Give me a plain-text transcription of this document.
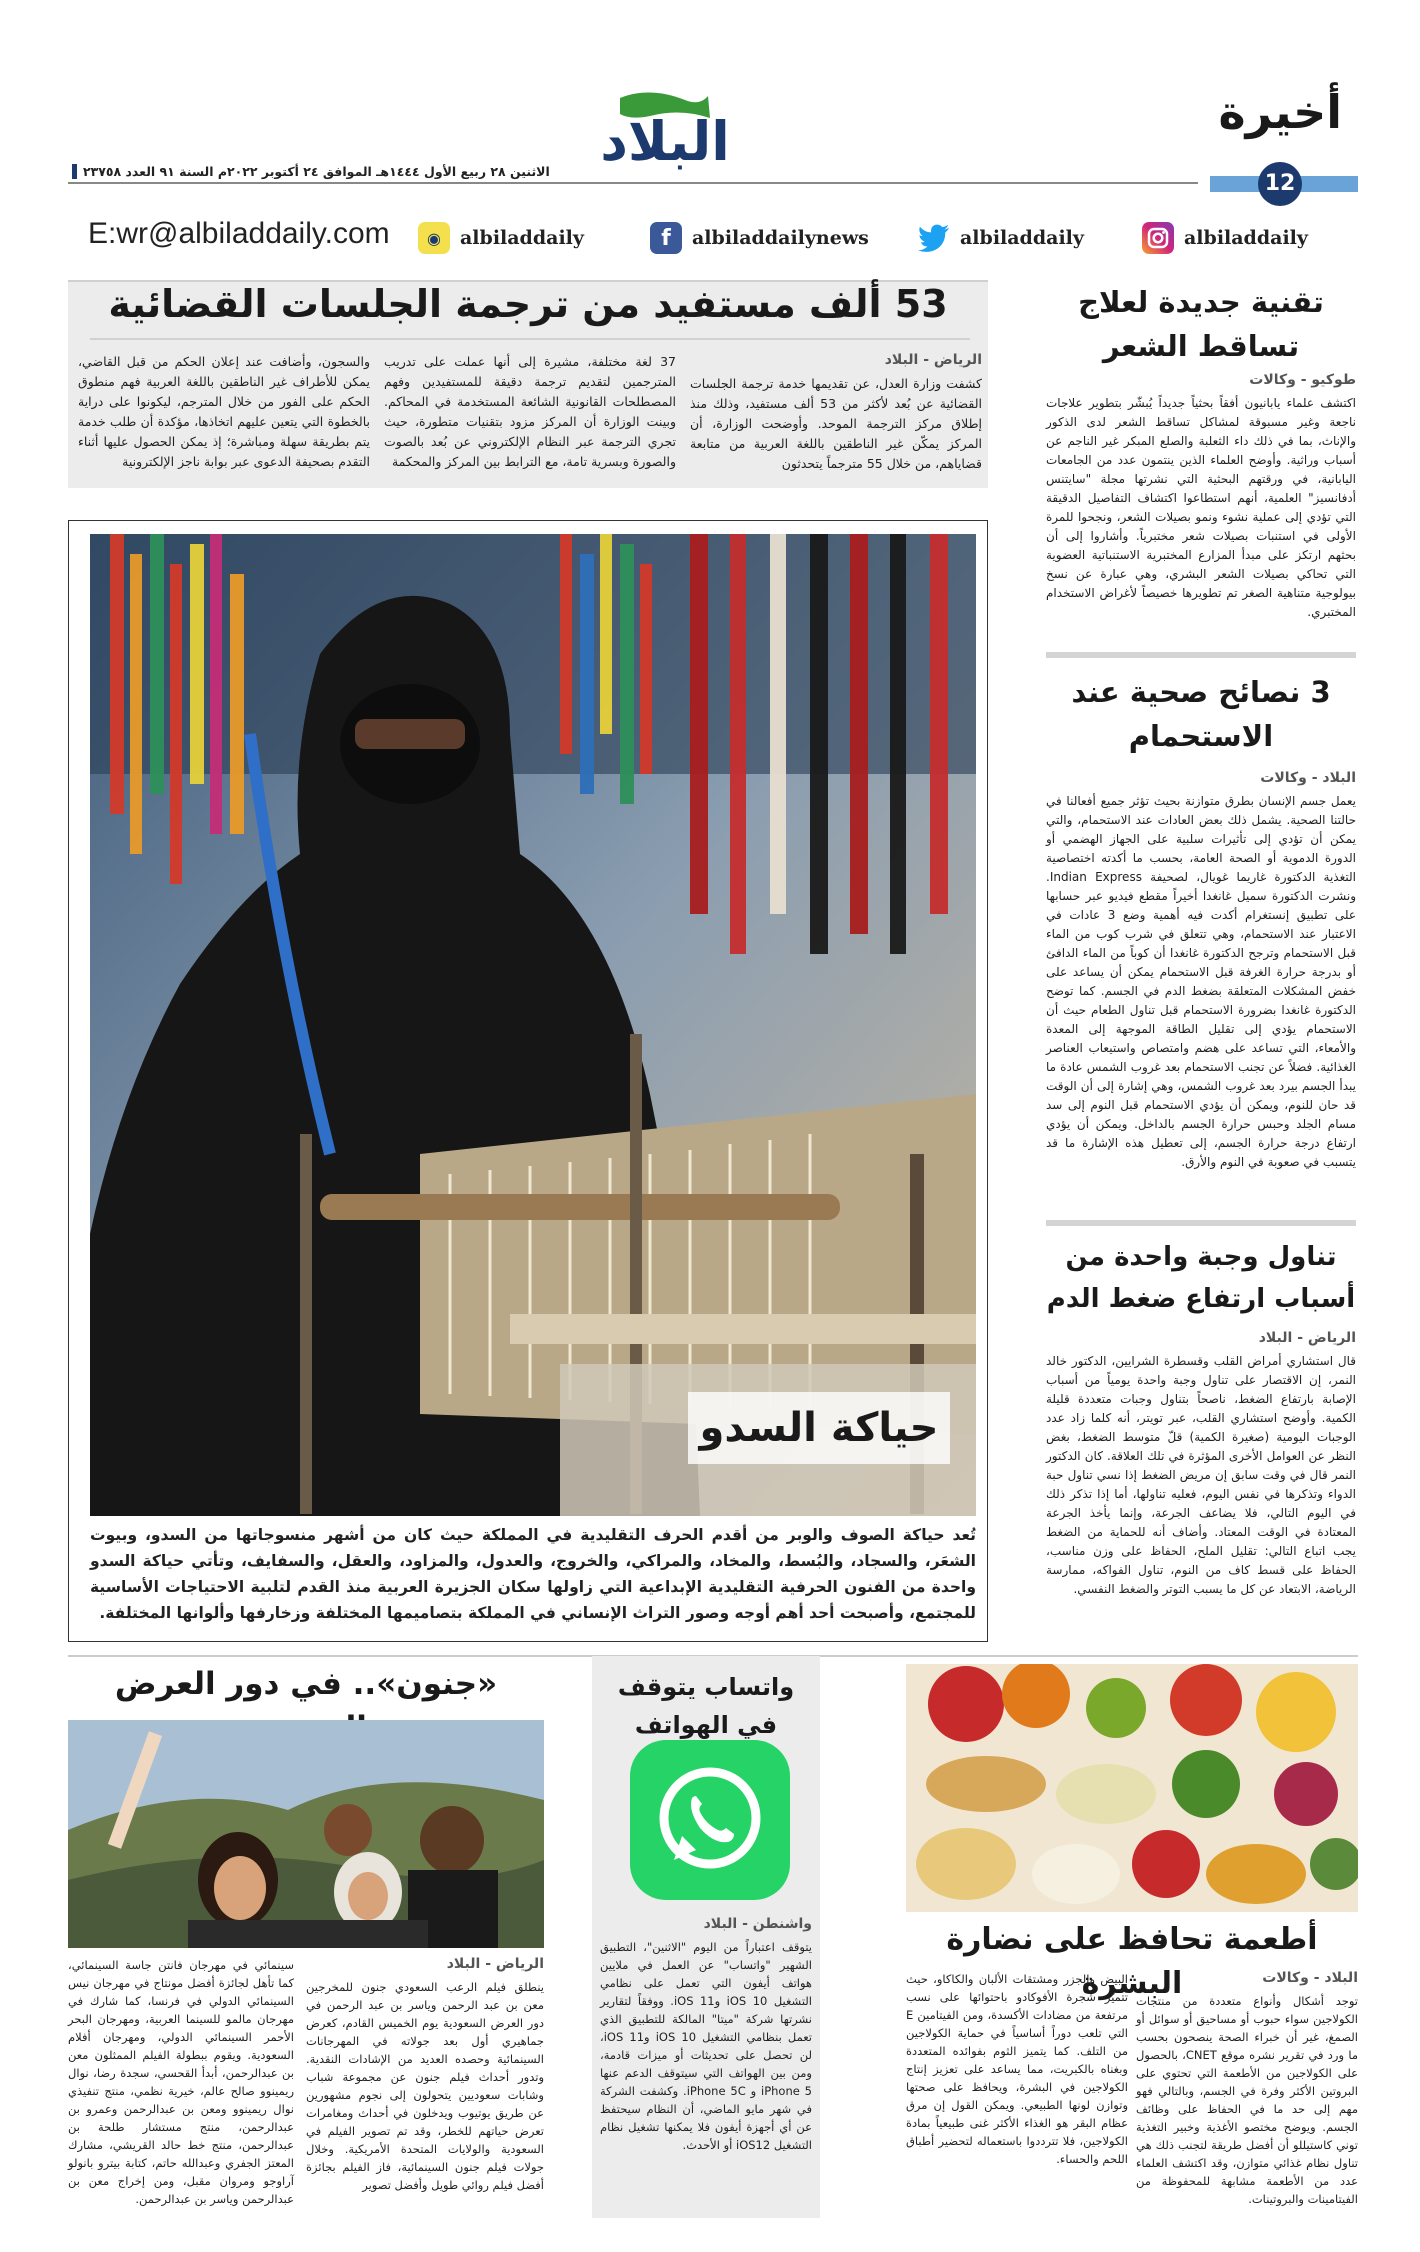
البلاد	أخيرة
الاثنين ٢٨ ربيع الأول ١٤٤٤هـ الموافق ٢٤ أكتوبر ٢٠٢٢م السنة ٩١ العدد ٢٣٧٥٨	12
E:wr@albiladdaily.com	◉	albiladdaily	f	albiladdailynews	albiladdaily	albiladdaily
53 ألف مستفيد من ترجمة الجلسات القضائية
الرياض - البلاد
كشفت وزارة العدل، عن تقديمها خدمة ترجمة الجلسات القضائية عن بُعد لأكثر من 53 ألف مستفيد، وذلك منذ إطلاق مركز الترجمة الموحد. وأوضحت الوزارة، أن المركز يمكّن غير الناطقين باللغة العربية من متابعة قضاياهم، من خلال 55 مترجماً يتحدثون
37 لغة مختلفة، مشيرة إلى أنها عملت على تدريب المترجمين لتقديم ترجمة دقيقة للمستفيدين وفهم المصطلحات القانونية الشائعة المستخدمة في المحاكم. وبينت الوزارة أن المركز مزود بتقنيات متطورة، حيث تجري الترجمة عبر النظام الإلكتروني عن بُعد بالصوت والصورة وبسرية تامة، مع الترابط بين المركز والمحكمة
والسجون، وأضافت عند إعلان الحكم من قبل القاضي، يمكن للأطراف غير الناطقين باللغة العربية فهم منطوق الحكم على الفور من خلال المترجم، ليكونوا على دراية بالخطوة التي يتعين عليهم اتخاذها، مؤكدة أن طلب خدمة يتم بطريقة سهلة ومباشرة؛ إذ يمكن الحصول عليها أثناء التقدم بصحيفة الدعوى عبر بوابة ناجز الإلكترونية
حياكة السدو
تُعد حياكة الصوف والوبر من أقدم الحرف التقليدية في المملكة حيث كان من أشهر منسوجاتها من السدو، وبيوت الشعَر، والسجاد، والبُسط، والمخاد، والمراكي، والخروج، والعدول، والمزاود، والعقل، والسفايف، وتأتي حياكة السدو واحدة من الفنون الحرفية التقليدية الإبداعية التي زاولها سكان الجزيرة العربية منذ القدم لتلبية الاحتياجات الأساسية للمجتمع، وأصبحت أحد أهم أوجه وصور التراث الإنساني في المملكة بتصاميمها المختلفة وزخارفها وألوانها المختلفة.
تقنية جديدة لعلاج تساقط الشعر
طوكيو - وكالات
اكتشف علماء يابانيون أفقاً بحثياً جديداً يُبشّر بتطوير علاجات ناجعة وغير مسبوقة لمشاكل تساقط الشعر لدى الذكور والإناث، بما في ذلك داء الثعلبة والصلع المبكر غير الناجم عن أسباب وراثية. وأوضح العلماء الذين ينتمون عدد من الجامعات اليابانية، في ورقتهم البحثية التي نشرتها مجلة "سايتنس أدفانسيز" العلمية، أنهم استطاعوا اكتشاف التفاصيل الدقيقة التي تؤدي إلى عملية نشوء ونمو بصيلات الشعر، ونجحوا للمرة الأولى في استنبات بصيلات شعر مختبرياً. وأشاروا إلى أن بحثهم ارتكز على مبدأ المزارع المختبرية الاستنباتية العضوية التي تحاكي بصيلات الشعر البشري، وهي عبارة عن نسخ بيولوجية متناهية الصغر تم تطويرها خصيصاً لأغراض الاستخدام المختبري.
3 نصائح صحية عند الاستحمام
البلاد - وكالات
يعمل جسم الإنسان بطرق متوازنة بحيث تؤثر جميع أفعالنا في حالتنا الصحية. يشمل ذلك بعض العادات عند الاستحمام، والتي يمكن أن تؤدي إلى تأثيرات سلبية على الجهاز الهضمي أو الدورة الدموية أو الصحة العامة، بحسب ما أكدته اختصاصية التغذية الدكتورة غاريما غويال، لصحيفة Indian Express. ونشرت الدكتورة سميل غانغدا أخيراً مقطع فيديو عبر حسابها على تطبيق إنستغرام أكدت فيه أهمية وضع 3 عادات في الاعتبار عند الاستحمام، وهي تتعلق في شرب كوب من الماء قبل الاستحمام وترجح الدكتورة غانغدا أن كوباً من الماء الدافئ أو بدرجة حرارة الغرفة قبل الاستحمام يمكن أن يساعد على خفض المشكلات المتعلقة بضغط الدم في الجسم. كما توضح الدكتورة غانغدا بضرورة الاستحمام قبل تناول الطعام حيث أن الاستحمام يؤدي إلى تقليل الطاقة الموجهة إلى المعدة والأمعاء، التي تساعد على هضم وامتصاص واستيعاب العناصر الغذائية. فضلاً عن تجنب الاستحمام بعد غروب الشمس عادة ما يبدأ الجسم بيرد بعد غروب الشمس، وهي إشارة إلى أن الوقت قد حان للنوم، ويمكن أن يؤدي الاستحمام قبل النوم إلى سد مسام الجلد وحبس حرارة الجسم بالداخل. ويمكن أن يؤدي ارتفاع درجة حرارة الجسم، إلى تعطيل هذه الإشارة ما قد يتسبب في صعوبة في النوم والأرق.
تناول وجبة واحدة من أسباب ارتفاع ضغط الدم
الرياض - البلاد
قال استشاري أمراض القلب وقسطرة الشرايين، الدكتور خالد النمر، إن الاقتصار على تناول وجبة واحدة يومياً من أسباب الإصابة بارتفاع الضغط، ناصحاً بتناول وجبات متعددة قليلة الكمية. وأوضح استشاري القلب، عبر تويتر، أنه كلما زاد عدد الوجبات اليومية (صغيرة الكمية) قلّ متوسط الضغط، بغض النظر عن العوامل الأخرى المؤثرة في تلك العلاقة. كان الدكتور النمر قال في وقت سابق إن مريض الضغط إذا نسي تناول حبة الدواء وتذكرها في نفس اليوم، فعليه تناولها، أما إذا تذكر ذلك في اليوم التالي، فلا يضاعف الجرعة، وإنما يأخذ الجرعة المعتادة في الوقت المعتاد. وأضاف أنه للحماية من الضغط يجب اتباع التالي: تقليل الملح، الحفاظ على وزن مناسب، الحفاظ على قسط كاف من النوم، تناول الفواكه، ممارسة الرياضة، الابتعاد عن كل ما يسبب التوتر والضغط النفسي.
«جنون».. في دور العرض
الرياض - البلاد
ينطلق فيلم الرعب السعودي جنون للمخرجين معن بن عبد الرحمن وياسر بن عبد الرحمن في دور العرض السعودية يوم الخميس القادم، كعرض جماهيري أول بعد جولاته في المهرجانات السينمائية وحصده العديد من الإشادات النقدية. وتدور أحداث فيلم جنون عن مجموعة شباب وشابات سعوديين يتحولون إلى نجوم مشهورين عن طريق يوتيوب ويدخلون في أحداث ومغامرات تعرض حياتهم للخطر، وقد تم تصوير الفيلم في السعودية والولايات المتحدة الأمريكية. وخلال جولات فيلم جنون السينمائية، فاز الفيلم بجائزة أفضل فيلم روائي طويل وأفضل تصوير
سينمائي في مهرجان فانتن جاسة السينمائي، كما تأهل لجائزة أفضل مونتاج في مهرجان نيس السينمائي الدولي في فرنسا، كما شارك في مهرجان مالمو للسينما العربية، ومهرجان البحر الأحمر السينمائي الدولي، ومهرجان أفلام السعودية. ويقوم ببطولة الفيلم الممثلون معن بن عبدالرحمن، أبدأ القحسي، سجدة رضا، نوال ريمينوو صالح عالم، خيرية نظمي، منتج تنفيذي نوال ريمينوو ومعن بن عبدالرحمن وعمرو بن عبدالرحمن، منتج مستشار طلحة بن عبدالرحمن، منتج خط حالد القريشي، مشارك المعتز الجفري وعبدالله حاتم، كتابة بيترو بانولو آراوجو ومروان مقبل، ومن إخراج معن بن عبدالرحمن وياسر بن عبدالرحمن.
واتساب يتوقف في الهواتف
واشنطن - البلاد
يتوقف اعتباراً من اليوم "الاثنين"، التطبيق الشهير "واتساب" عن العمل في ملايين هواتف أيفون التي تعمل على نظامي التشغيل iOS 10 وiOS 11. ووفقاً لتقارير نشرتها شركة "ميتا" المالكة للتطبيق الذي تعمل بنظامي التشغيل iOS 10 وiOS 11، لن تحصل على تحديثات أو ميزات قادمة، ومن بين الهواتف التي سيتوقف الدعم عنها iPhone 5 و iPhone 5C. وكشفت الشركة في شهر مايو الماضي، أن النظام سيحتفظ عن أي أجهزة أيفون فلا يمكنها تشغيل نظام التشغيل iOS12 أو الأحدث.
أطعمة تحافظ على نضارة البشرة	البلاد - وكالات
توجد أشكال وأنواع متعددة من منتجات الكولاجين سواء حبوب أو مساحيق أو سوائل أو الصمغ، غير أن خبراء الصحة ينصحون بحسب ما ورد في تقرير نشره موقع CNET، بالحصول على الكولاجين من الأطعمة التي تحتوي على البروتين الأكثر وفرة في الجسم، وبالتالي فهو مهم إلى حد ما في الحفاظ على وظائف الجسم. ويوضح مختصو الأغذية وخبير التغذية توني كاستيللو أن أفضل طريقة لتجنب ذلك هي تناول نظام غذائي متوازن، وقد اكتشف العلماء عدد من الأطعمة مشابهة للمحفوظة من الفيتامينات والبروتينات.
البيض والجزر ومشتقات الألبان والكاكاو، حيث تتميّز شجرة الأفوكادو باحتوائها على نسب مرتفعة من مضادات الأكسدة، ومن الفيتامين E التي تلعب دوراً أساسياً في حماية الكولاجين من التلف. كما يتميز الثوم بفوائده المتعددة وبغناه بالكبريت، مما يساعد على تعزيز إنتاج الكولاجين في البشرة، ويحافظ على صحتها وتوازن لونها الطبيعي. ويمكن القول إن مرق عظام البقر هو الغذاء الأكثر غنى طبيعياً بمادة الكولاجين، فلا تترددوا باستعماله لتحضير أطباق اللحم والحساء.
